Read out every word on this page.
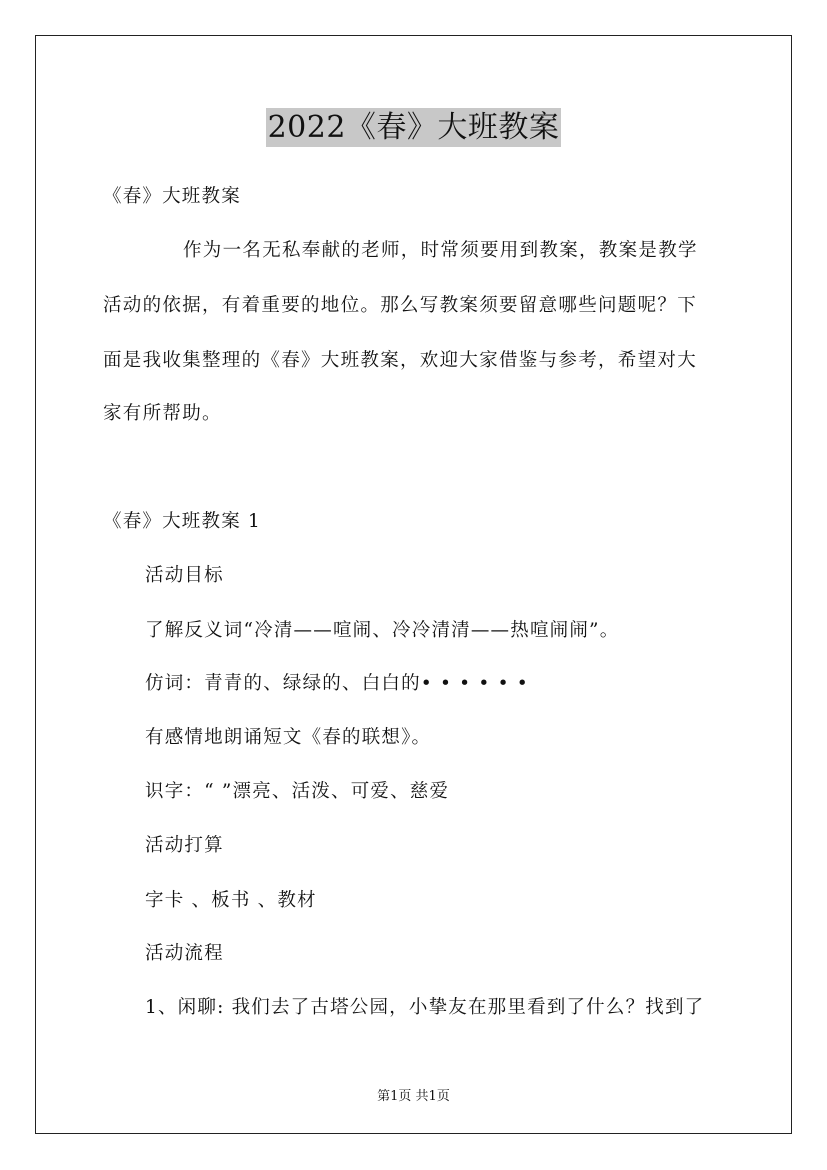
2022《春》大班教案
《春》大班教案
作为一名无私奉献的老师，时常须要用到教案，教案是教学
活动的依据，有着重要的地位。那么写教案须要留意哪些问题呢？下
面是我收集整理的《春》大班教案，欢迎大家借鉴与参考，希望对大
家有所帮助。
《春》大班教案 1
活动目标
了解反义词“冷清——喧闹、冷冷清清——热喧闹闹”。
仿词：青青的、绿绿的、白白的• • • • • •
有感情地朗诵短文《春的联想》。
识字：“ ”漂亮、活泼、可爱、慈爱
活动打算
字卡 、板书 、教材
活动流程
1、闲聊: 我们去了古塔公园，小挚友在那里看到了什么？找到了
第1页 共1页
